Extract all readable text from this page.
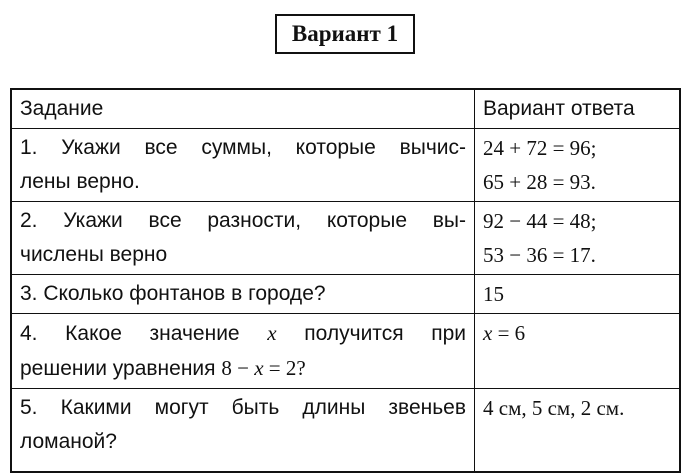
Вариант 1
Задание	Вариант ответа

1. Укажи все суммы, которые вычис-
лены верно.

24 + 72 = 96;
65 + 28 = 93.

2. Укажи все разности, которые вы-
числены верно

92 − 44 = 48;
53 − 36 = 17.

3. Сколько фонтанов в городе?	15

4. Какое значение x получится при
решении уравнения 8 − x = 2?

x = 6

5. Какими могут быть длины звеньев
ломаной?

4 см, 5 см, 2 см.
